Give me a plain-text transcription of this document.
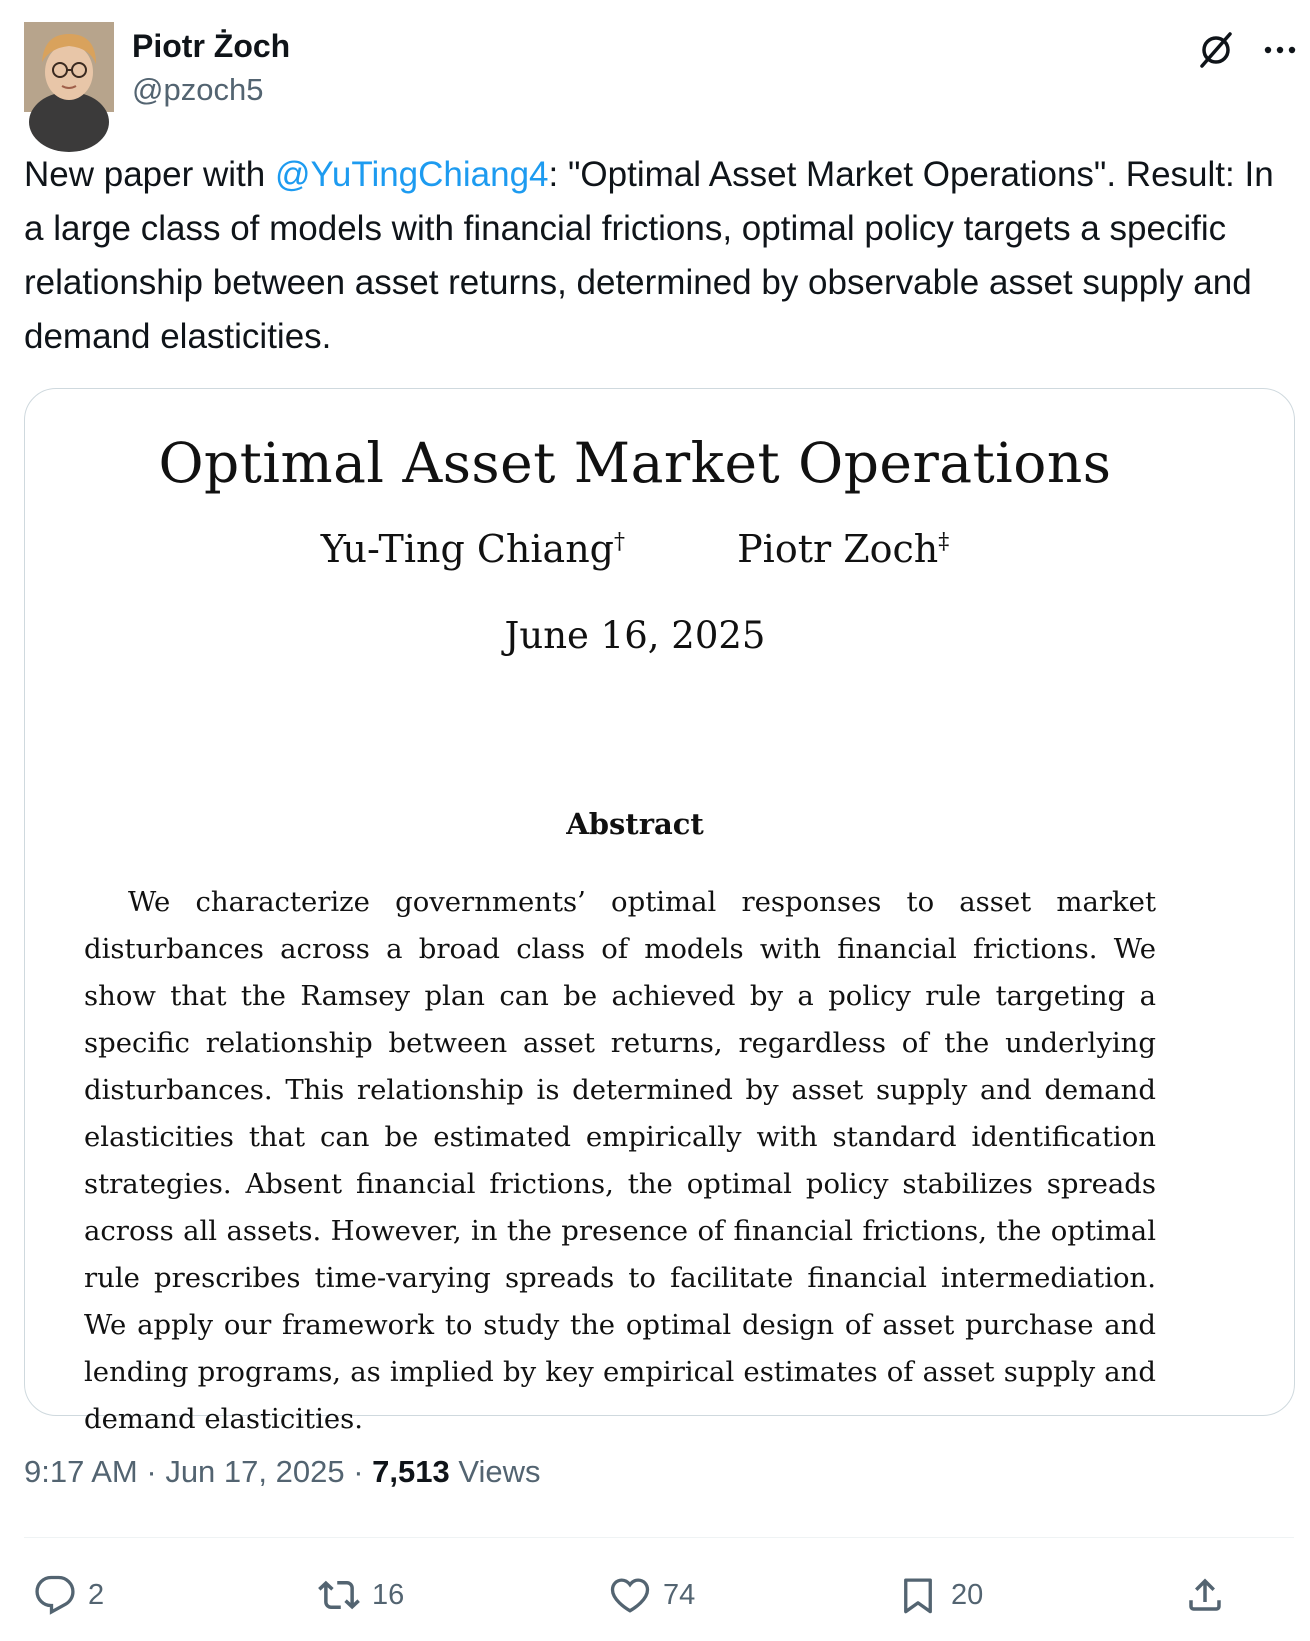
Piotr Żoch
@pzoch5
New paper with @YuTingChiang4: "Optimal Asset Market Operations". Result: In a large class of models with financial frictions, optimal policy targets a specific relationship between asset returns, determined by observable asset supply and demand elasticities.
Optimal Asset Market Operations
Yu-Ting Chiang†	Piotr Zoch‡
June 16, 2025
Abstract
We characterize governments’ optimal responses to asset market disturbances across a broad class of models with financial frictions. We show that the Ramsey plan can be achieved by a policy rule targeting a specific relationship between asset returns, regardless of the underlying disturbances. This relationship is determined by asset supply and demand elasticities that can be estimated empirically with standard identification strategies. Absent financial frictions, the optimal policy stabilizes spreads across all assets. However, in the presence of financial frictions, the optimal rule prescribes time-varying spreads to facilitate financial intermediation. We apply our framework to study the optimal design of asset purchase and lending programs, as implied by key empirical estimates of asset supply and demand elasticities.
9:17 AM · Jun 17, 2025 · 7,513 Views
2	16	74	20
